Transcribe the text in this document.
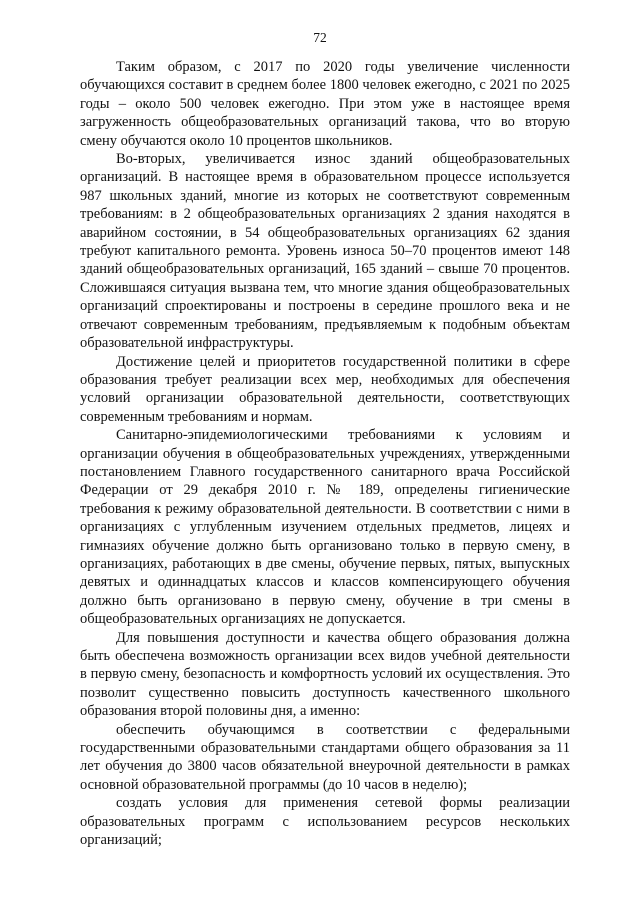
72

Таким образом, с 2017 по 2020 годы увеличение численности обучающихся составит в среднем более 1800 человек ежегодно, с 2021 по 2025 годы – около 500 человек ежегодно. При этом уже в настоящее время загруженность общеобразовательных организаций такова, что во вторую смену обучаются около 10 процентов школьников.

Во-вторых, увеличивается износ зданий общеобразовательных организаций. В настоящее время в образовательном процессе используется 987 школьных зданий, многие из которых не соответствуют современным требованиям: в 2 общеобразовательных организациях 2 здания находятся в аварийном состоянии, в 54 общеобразовательных организациях 62 здания требуют капитального ремонта. Уровень износа 50–70 процентов имеют 148 зданий общеобразовательных организаций, 165 зданий – свыше 70 процентов. Сложившаяся ситуация вызвана тем, что многие здания общеобразовательных организаций спроектированы и построены в середине прошлого века и не отвечают современным требованиям, предъявляемым к подобным объектам образовательной инфраструктуры.

Достижение целей и приоритетов государственной политики в сфере образования требует реализации всех мер, необходимых для обеспечения условий организации образовательной деятельности, соответствующих современным требованиям и нормам.

Санитарно-эпидемиологическими требованиями к условиям и организации обучения в общеобразовательных учреждениях, утвержденными постановлением Главного государственного санитарного врача Российской Федерации от 29 декабря 2010 г. № 189, определены гигиенические требования к режиму образовательной деятельности. В соответствии с ними в организациях с углубленным изучением отдельных предметов, лицеях и гимназиях обучение должно быть организовано только в первую смену, в организациях, работающих в две смены, обучение первых, пятых, выпускных девятых и одиннадцатых классов и классов компенсирующего обучения должно быть организовано в первую смену, обучение в три смены в общеобразовательных организациях не допускается.

Для повышения доступности и качества общего образования должна быть обеспечена возможность организации всех видов учебной деятельности в первую смену, безопасность и комфортность условий их осуществления. Это позволит существенно повысить доступность качественного школьного образования второй половины дня, а именно:

обеспечить обучающимся в соответствии с федеральными государственными образовательными стандартами общего образования за 11 лет обучения до 3800 часов обязательной внеурочной деятельности в рамках основной образовательной программы (до 10 часов в неделю);

создать условия для применения сетевой формы реализации образовательных программ с использованием ресурсов нескольких организаций;
